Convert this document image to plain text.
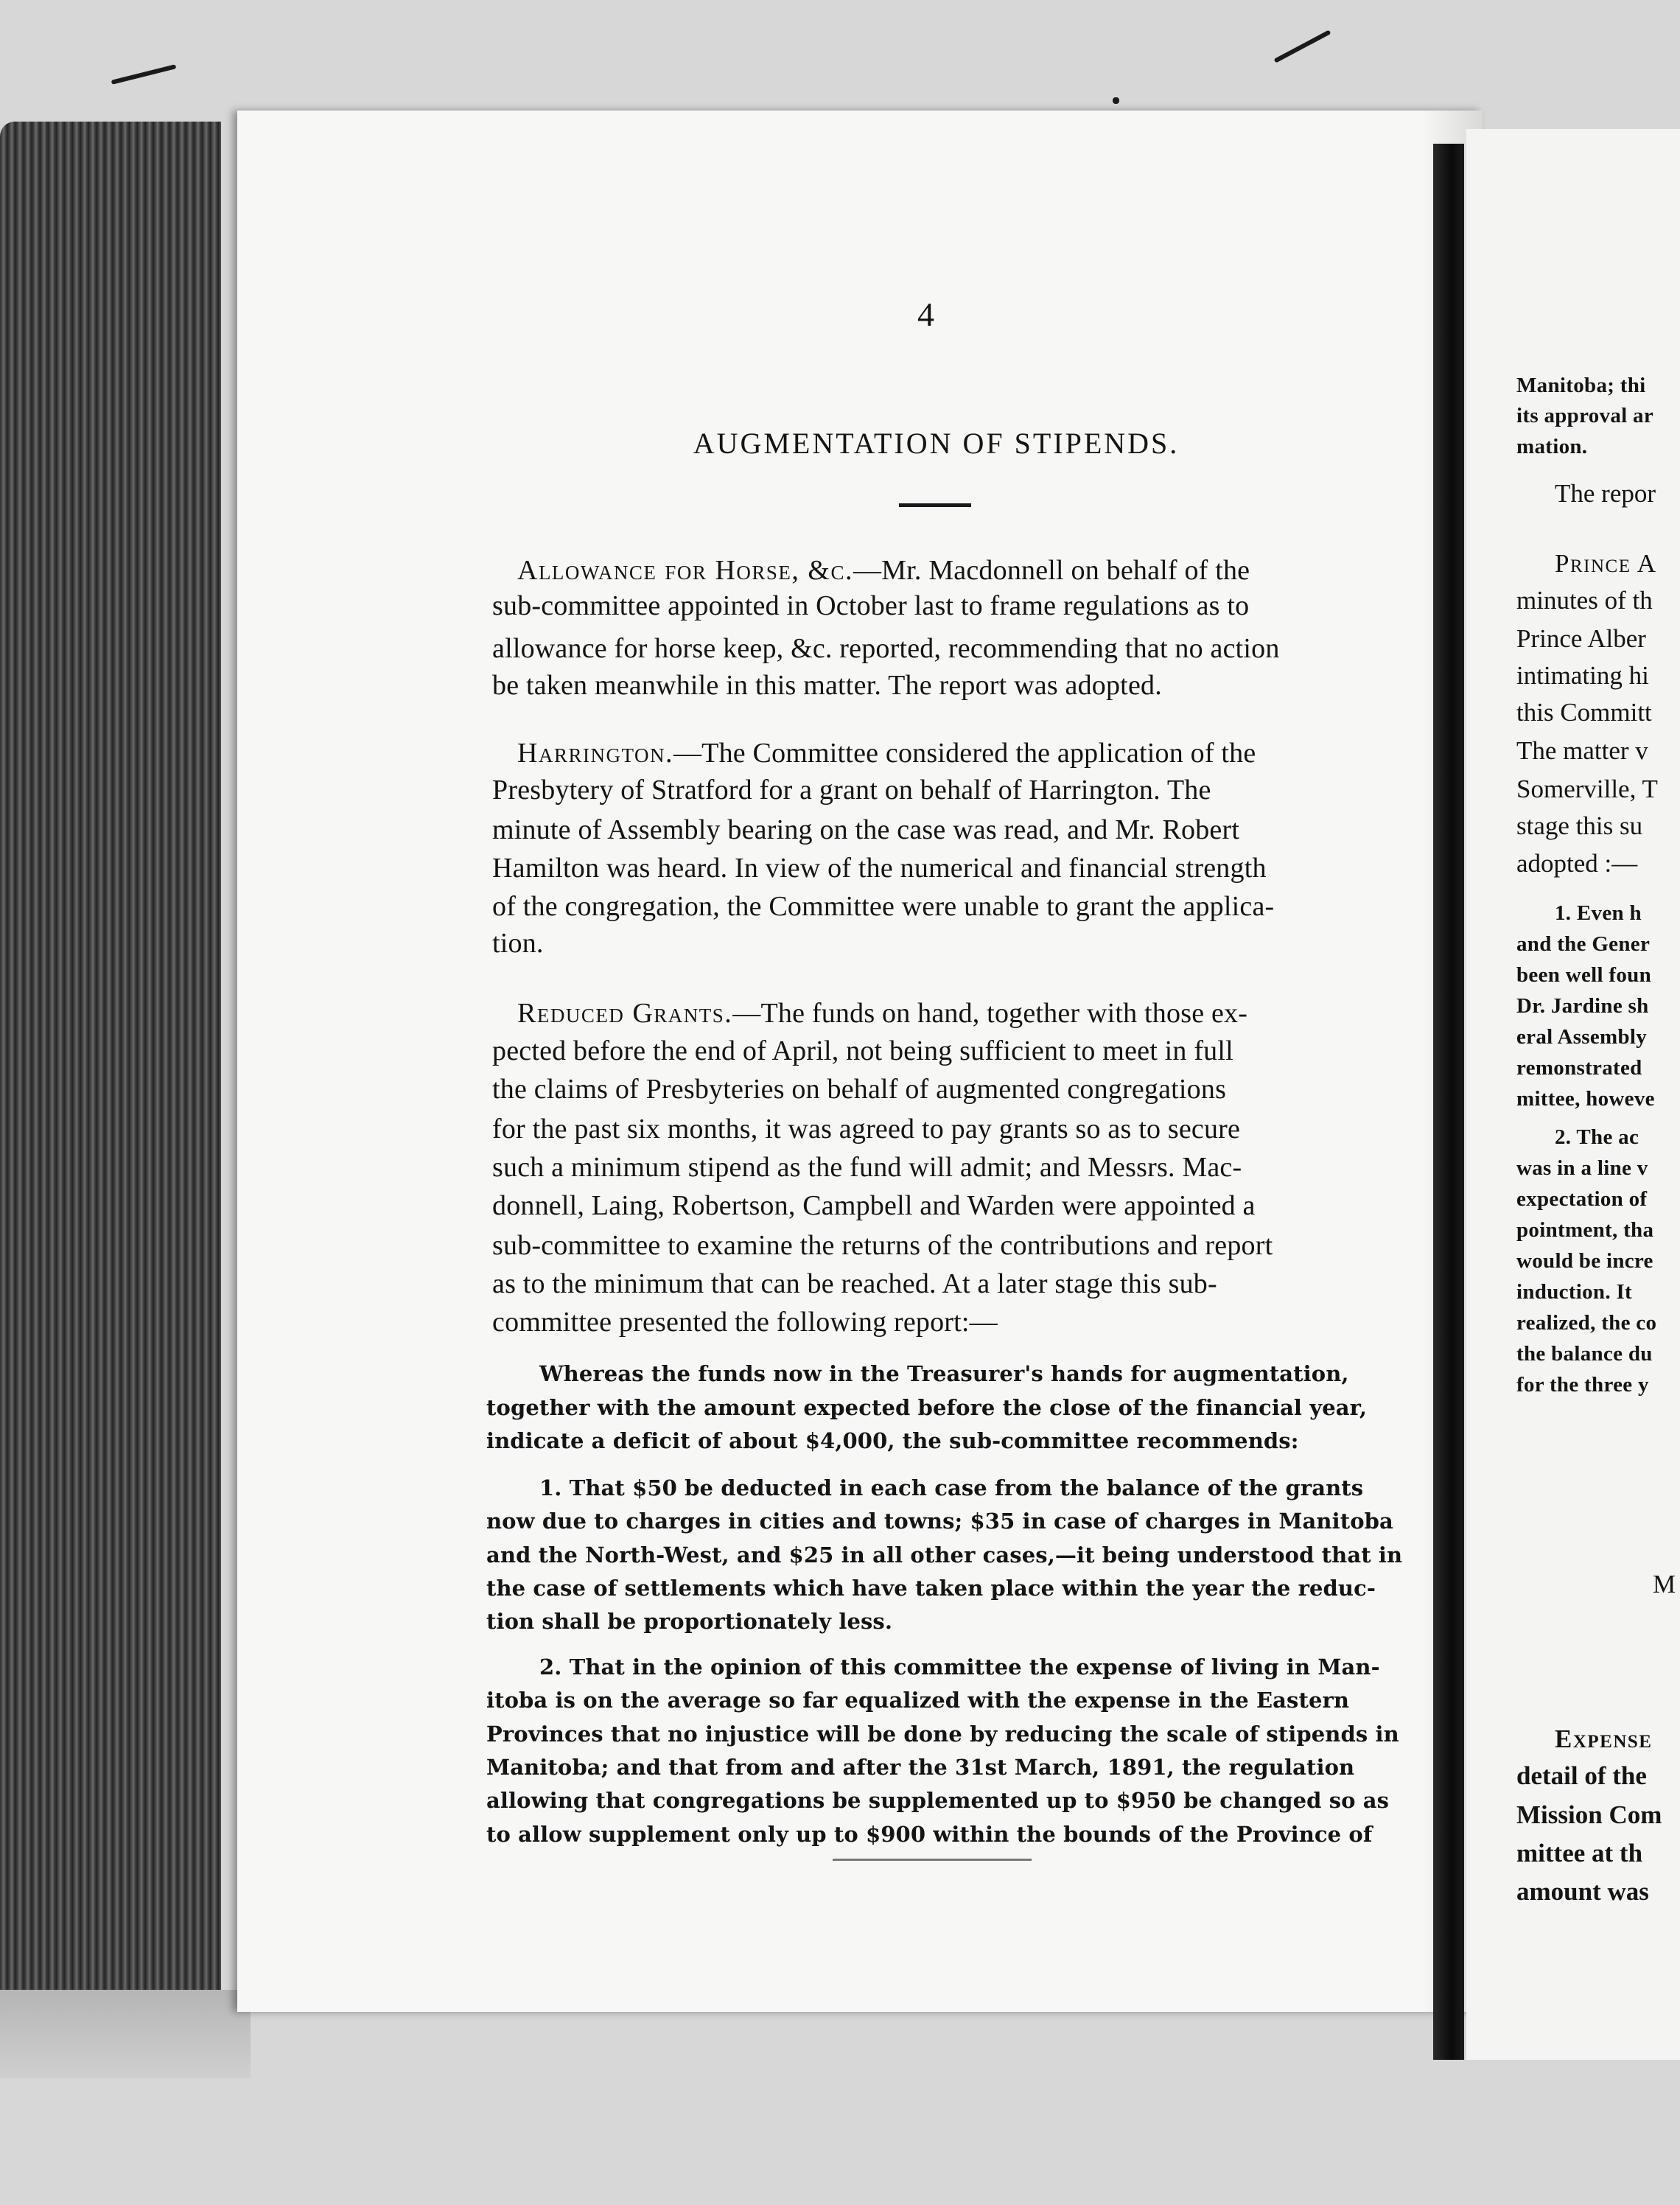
4
AUGMENTATION OF STIPENDS.
Allowance for Horse, &c.—Mr. Macdonnell on behalf of the
sub-committee appointed in October last to frame regulations as to
allowance for horse keep, &c. reported, recommending that no action
be taken meanwhile in this matter. The report was adopted.
Harrington.—The Committee considered the application of the
Presbytery of Stratford for a grant on behalf of Harrington. The
minute of Assembly bearing on the case was read, and Mr. Robert
Hamilton was heard. In view of the numerical and financial strength
of the congregation, the Committee were unable to grant the applica-
tion.
Reduced Grants.—The funds on hand, together with those ex-
pected before the end of April, not being sufficient to meet in full
the claims of Presbyteries on behalf of augmented congregations
for the past six months, it was agreed to pay grants so as to secure
such a minimum stipend as the fund will admit; and Messrs. Mac-
donnell, Laing, Robertson, Campbell and Warden were appointed a
sub-committee to examine the returns of the contributions and report
as to the minimum that can be reached. At a later stage this sub-
committee presented the following report:—
Whereas the funds now in the Treasurer's hands for augmentation,
together with the amount expected before the close of the financial year,
indicate a deficit of about $4,000, the sub-committee recommends:
1. That $50 be deducted in each case from the balance of the grants
now due to charges in cities and towns; $35 in case of charges in Manitoba
and the North-West, and $25 in all other cases,—it being understood that in
the case of settlements which have taken place within the year the reduc-
tion shall be proportionately less.
2. That in the opinion of this committee the expense of living in Man-
itoba is on the average so far equalized with the expense in the Eastern
Provinces that no injustice will be done by reducing the scale of stipends in
Manitoba; and that from and after the 31st March, 1891, the regulation
allowing that congregations be supplemented up to $950 be changed so as
to allow supplement only up to $900 within the bounds of the Province of
Manitoba; thi
its approval ar
mation.
The repor
Prince A
minutes of th
Prince Alber
intimating hi
this Committ
The matter v
Somerville, T
stage this su
adopted :—
1. Even h
and the Gener
been well foun
Dr. Jardine sh
eral Assembly
remonstrated
mittee, howeve
2. The ac
was in a line v
expectation of
pointment, tha
would be incre
induction. It
realized, the co
the balance du
for the three y
M
Expense
detail of the
Mission Com
mittee at th
amount was
